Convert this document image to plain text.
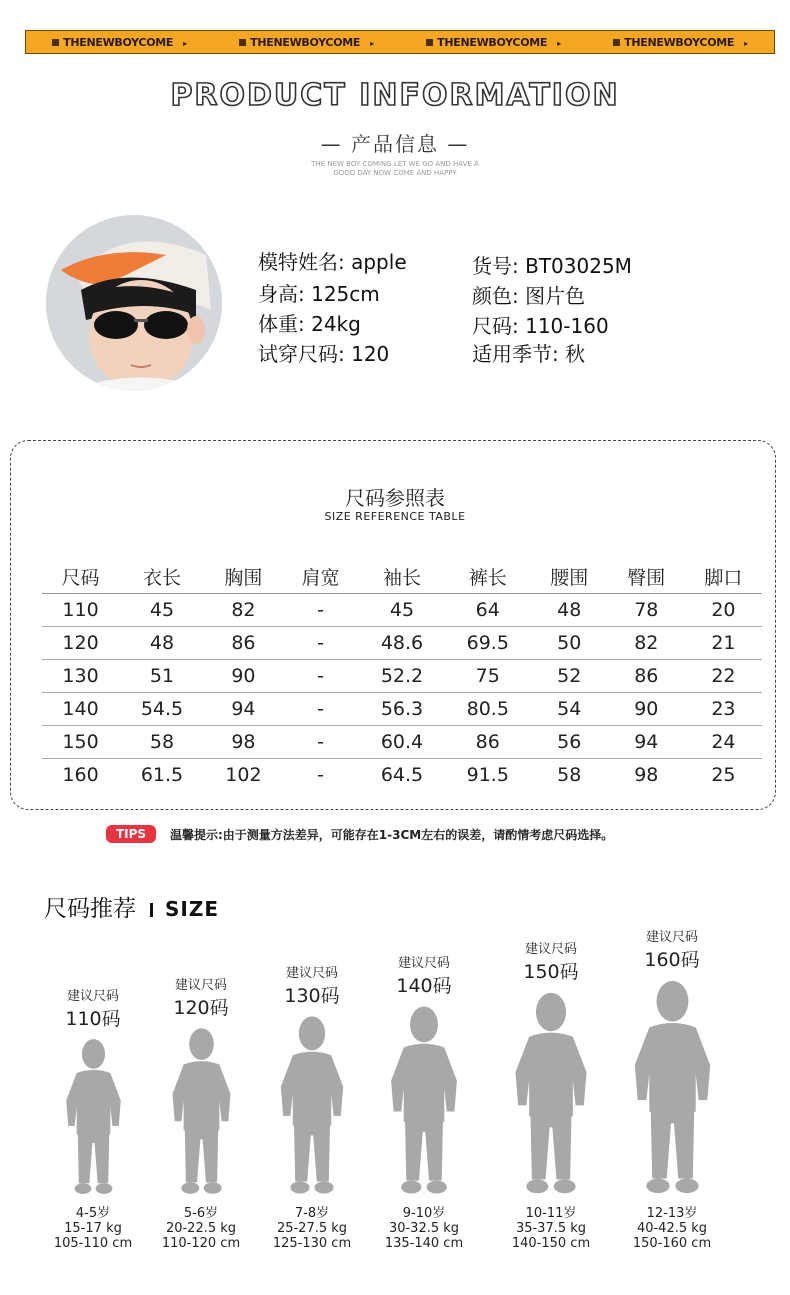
THENEWBOYCOME ▸	THENEWBOYCOME ▸	THENEWBOYCOME ▸	THENEWBOYCOME ▸
PRODUCT INFORMATION
— 产品信息 —
THE NEW BOY COMING LET WE GO AND HAVE A
GOOD DAY NOW COME AND HAPPY
模特姓名: apple
身高: 125cm
体重: 24kg
试穿尺码: 120
货号: BT03025M
颜色: 图片色
尺码: 110-160
适用季节: 秋
尺码参照表
SIZE REFERENCE TABLE
尺码	衣长	胸围	肩宽	袖长	裤长	腰围	臀围	脚口
110	45	82	-	45	64	48	78	20
120	48	86	-	48.6	69.5	50	82	21
130	51	90	-	52.2	75	52	86	22
140	54.5	94	-	56.3	80.5	54	90	23
150	58	98	-	60.4	86	56	94	24
160	61.5	102	-	64.5	91.5	58	98	25
TIPS	温馨提示:由于测量方法差异，可能存在1-3CM左右的误差，请酌情考虑尺码选择。
尺码推荐 SIZE
建议尺码
110码
4-5岁
15-17 kg
105-110 cm
建议尺码
120码
5-6岁
20-22.5 kg
110-120 cm
建议尺码
130码
7-8岁
25-27.5 kg
125-130 cm
建议尺码
140码
9-10岁
30-32.5 kg
135-140 cm
建议尺码
150码
10-11岁
35-37.5 kg
140-150 cm
建议尺码
160码
12-13岁
40-42.5 kg
150-160 cm
